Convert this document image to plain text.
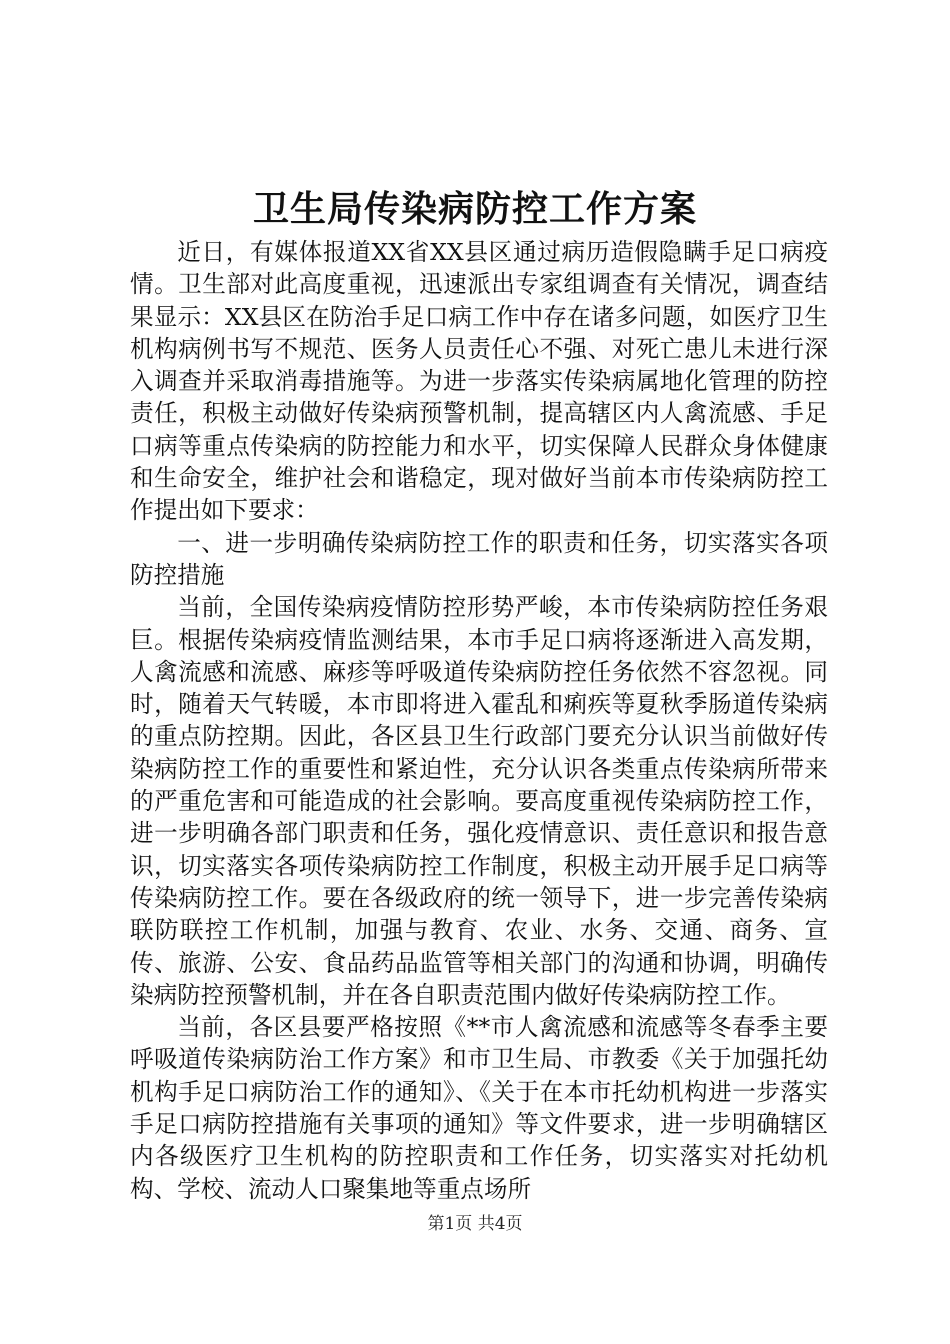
卫生局传染病防控工作方案

近日，有媒体报道XX省XX县区通过病历造假隐瞒手足口病疫情。卫生部对此高度重视，迅速派出专家组调查有关情况，调查结果显示：XX县区在防治手足口病工作中存在诸多问题，如医疗卫生机构病例书写不规范、医务人员责任心不强、对死亡患儿未进行深入调查并采取消毒措施等。为进一步落实传染病属地化管理的防控责任，积极主动做好传染病预警机制，提高辖区内人禽流感、手足口病等重点传染病的防控能力和水平，切实保障人民群众身体健康和生命安全，维护社会和谐稳定，现对做好当前本市传染病防控工作提出如下要求：

一、进一步明确传染病防控工作的职责和任务，切实落实各项防控措施

当前，全国传染病疫情防控形势严峻，本市传染病防控任务艰巨。根据传染病疫情监测结果，本市手足口病将逐渐进入高发期，人禽流感和流感、麻疹等呼吸道传染病防控任务依然不容忽视。同时，随着天气转暖，本市即将进入霍乱和痢疾等夏秋季肠道传染病的重点防控期。因此，各区县卫生行政部门要充分认识当前做好传染病防控工作的重要性和紧迫性，充分认识各类重点传染病所带来的严重危害和可能造成的社会影响。要高度重视传染病防控工作，进一步明确各部门职责和任务，强化疫情意识、责任意识和报告意识，切实落实各项传染病防控工作制度，积极主动开展手足口病等传染病防控工作。要在各级政府的统一领导下，进一步完善传染病联防联控工作机制，加强与教育、农业、水务、交通、商务、宣传、旅游、公安、食品药品监管等相关部门的沟通和协调，明确传染病防控预警机制，并在各自职责范围内做好传染病防控工作。

当前，各区县要严格按照《**市人禽流感和流感等冬春季主要呼吸道传染病防治工作方案》和市卫生局、市教委《关于加强托幼机构手足口病防治工作的通知》、《关于在本市托幼机构进一步落实手足口病防控措施有关事项的通知》等文件要求，进一步明确辖区内各级医疗卫生机构的防控职责和工作任务，切实落实对托幼机构、学校、流动人口聚集地等重点场所

第1页 共4页
